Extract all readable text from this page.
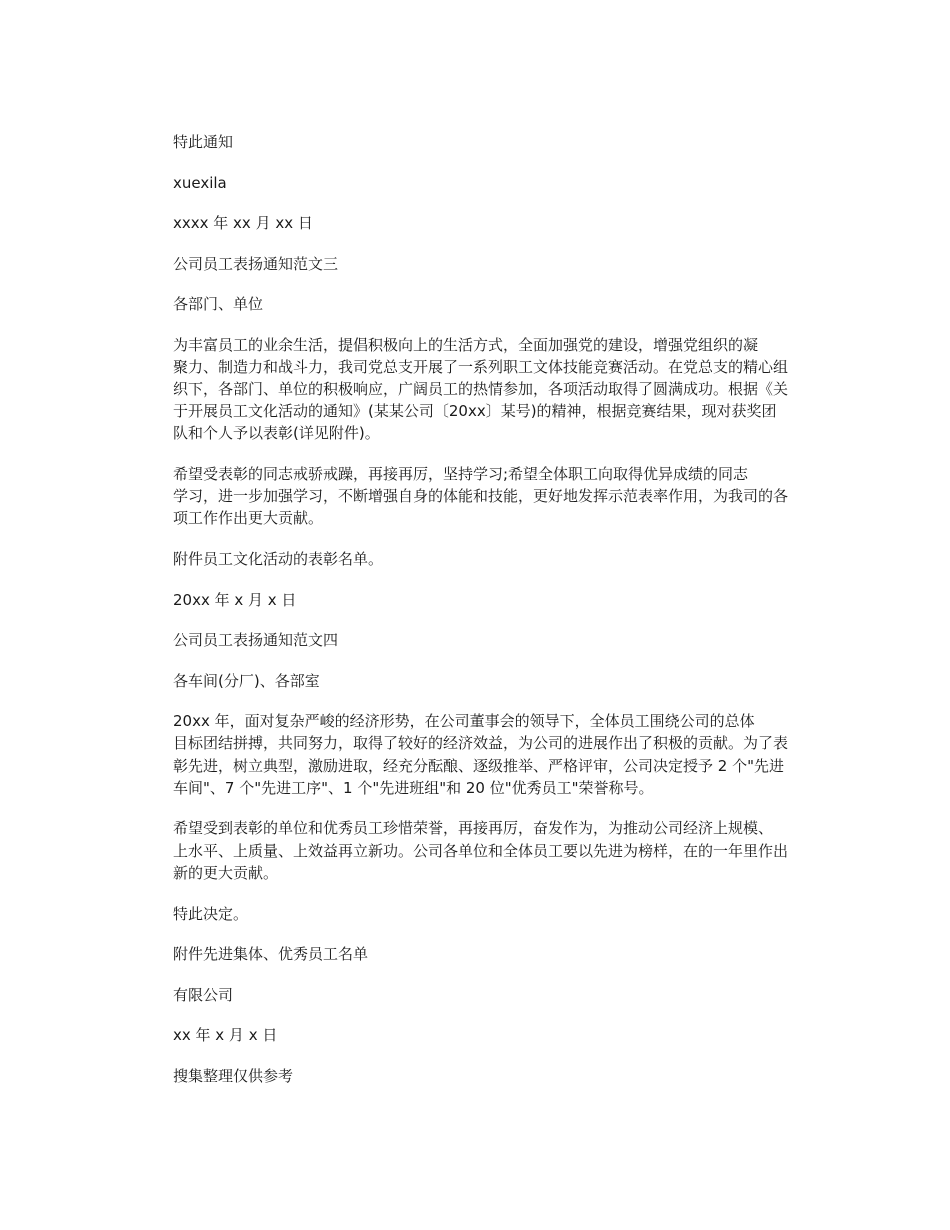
特此通知
xuexila
xxxx 年 xx 月 xx 日
公司员工表扬通知范文三
各部门、单位
为丰富员工的业余生活，提倡积极向上的生活方式，全面加强党的建设，增强党组织的凝
聚力、制造力和战斗力，我司党总支开展了一系列职工文体技能竞赛活动。在党总支的精心组
织下，各部门、单位的积极响应，广阔员工的热情参加，各项活动取得了圆满成功。根据《关
于开展员工文化活动的通知》(某某公司〔20xx〕某号)的精神，根据竞赛结果，现对获奖团
队和个人予以表彰(详见附件)。
希望受表彰的同志戒骄戒躁，再接再厉，坚持学习;希望全体职工向取得优异成绩的同志
学习，进一步加强学习，不断增强自身的体能和技能，更好地发挥示范表率作用，为我司的各
项工作作出更大贡献。
附件员工文化活动的表彰名单。
20xx 年 x 月 x 日
公司员工表扬通知范文四
各车间(分厂)、各部室
20xx 年，面对复杂严峻的经济形势，在公司董事会的领导下，全体员工围绕公司的总体
目标团结拼搏，共同努力，取得了较好的经济效益，为公司的进展作出了积极的贡献。为了表
彰先进，树立典型，激励进取，经充分酝酿、逐级推举、严格评审，公司决定授予 2 个"先进
车间"、7 个"先进工序"、1 个"先进班组"和 20 位"优秀员工"荣誉称号。
希望受到表彰的单位和优秀员工珍惜荣誉，再接再厉，奋发作为，为推动公司经济上规模、
上水平、上质量、上效益再立新功。公司各单位和全体员工要以先进为榜样，在的一年里作出
新的更大贡献。
特此决定。
附件先进集体、优秀员工名单
有限公司
xx 年 x 月 x 日
搜集整理仅供参考
